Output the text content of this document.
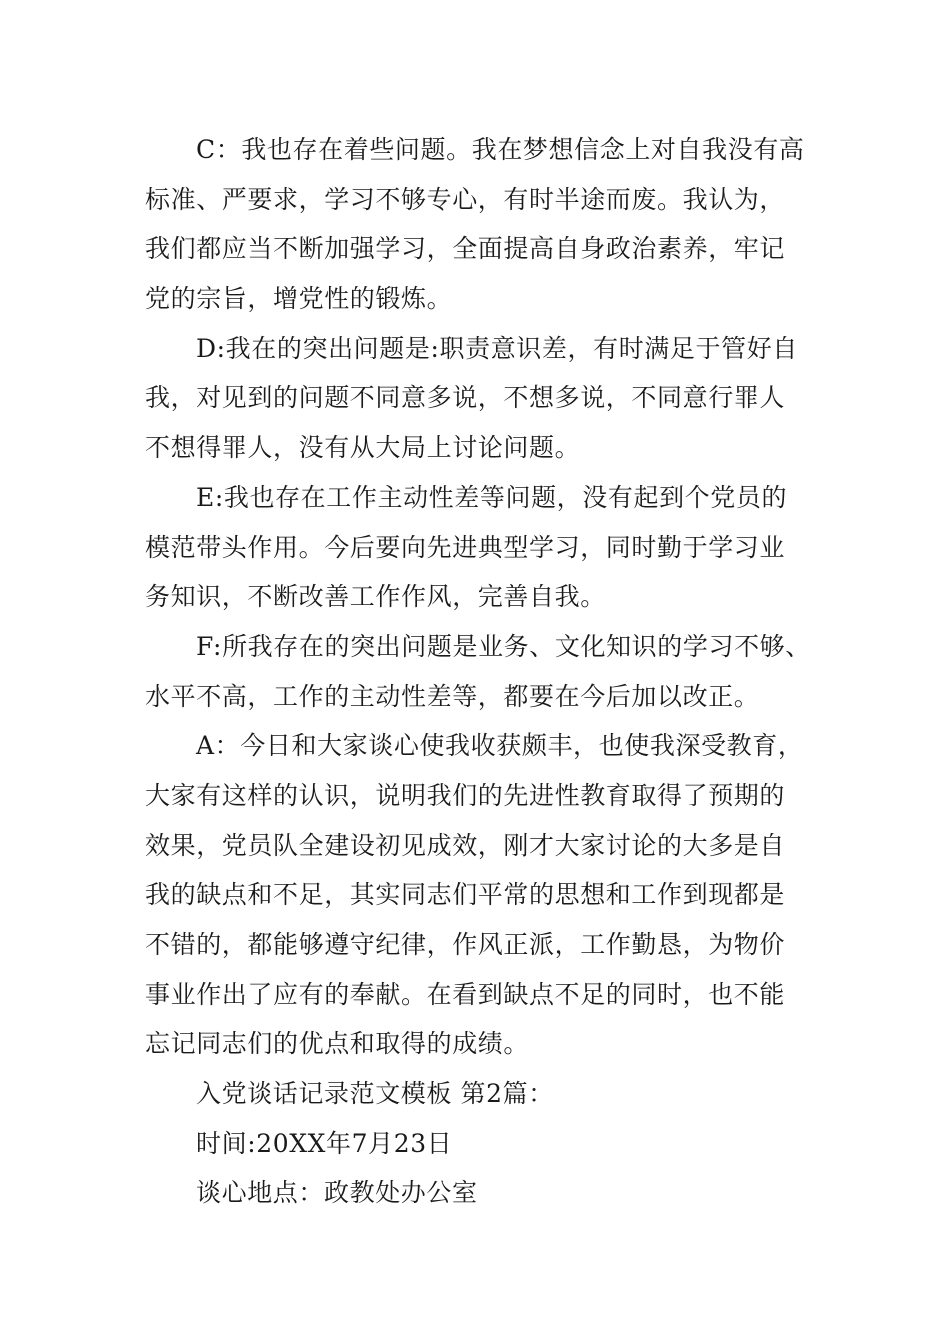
C：我也存在着些问题。我在梦想信念上对自我没有高
标准、严要求，学习不够专心，有时半途而废。我认为，
我们都应当不断加强学习，全面提高自身政治素养，牢记
党的宗旨，增党性的锻炼。
D:我在的突出问题是:职责意识差，有时满足于管好自
我，对见到的问题不同意多说，不想多说，不同意行罪人
不想得罪人，没有从大局上讨论问题。
E:我也存在工作主动性差等问题，没有起到个党员的
模范带头作用。今后要向先进典型学习，同时勤于学习业
务知识，不断改善工作作风，完善自我。
F:所我存在的突出问题是业务、文化知识的学习不够、
水平不高，工作的主动性差等，都要在今后加以改正。
A：今日和大家谈心使我收获颇丰，也使我深受教育，
大家有这样的认识，说明我们的先进性教育取得了预期的
效果，党员队全建设初见成效，刚才大家讨论的大多是自
我的缺点和不足，其实同志们平常的思想和工作到现都是
不错的，都能够遵守纪律，作风正派，工作勤恳，为物价
事业作出了应有的奉献。在看到缺点不足的同时，也不能
忘记同志们的优点和取得的成绩。
入党谈话记录范文模板 第2篇：
时间:20XX年7月23日
谈心地点：政教处办公室
